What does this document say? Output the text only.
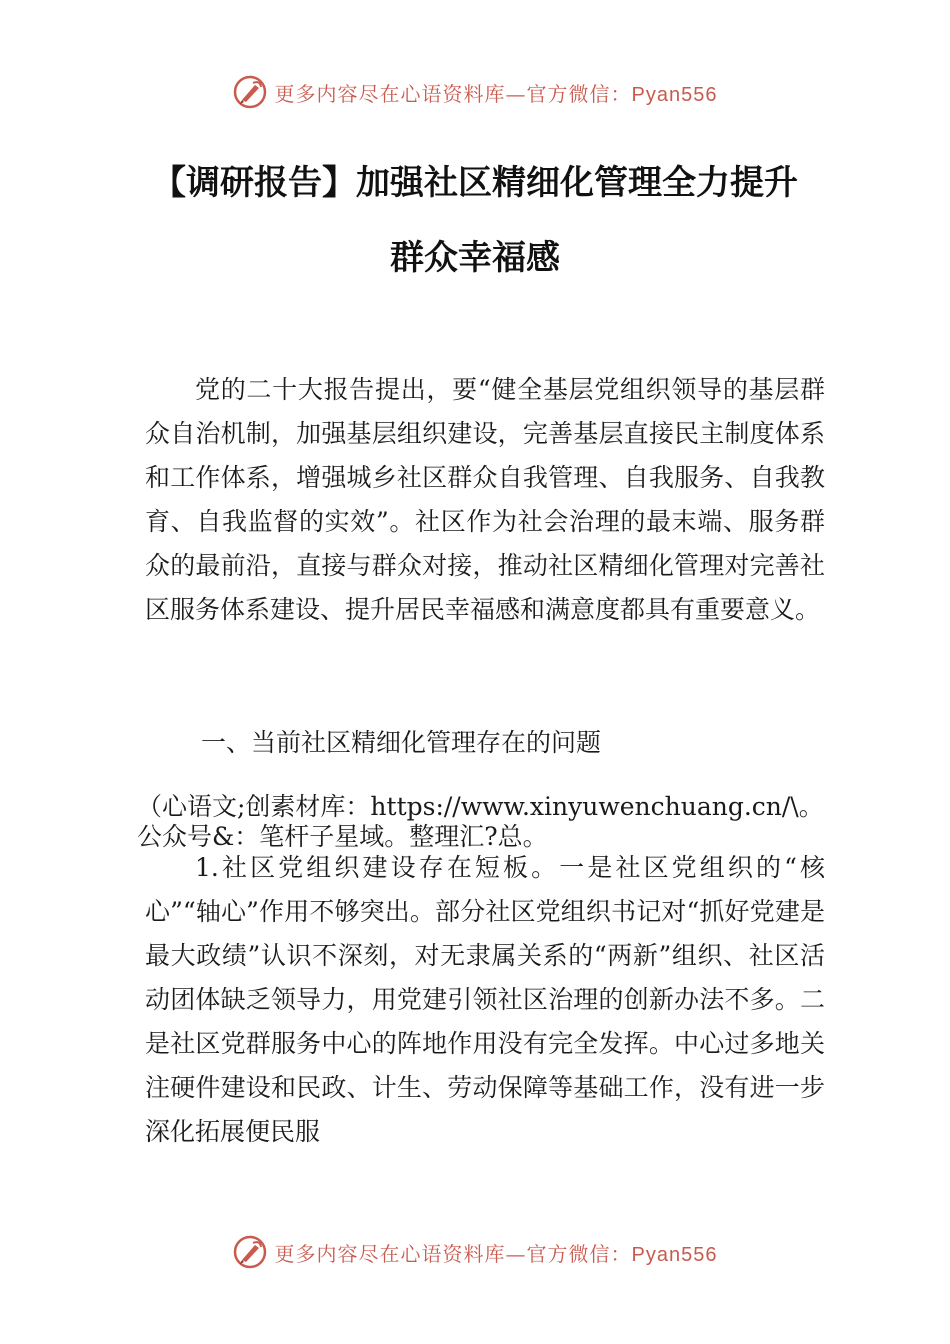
更多内容尽在心语资料库—官方微信：Pyan556
【调研报告】加强社区精细化管理全力提升
群众幸福感
党的二十大报告提出，要“健全基层党组织领导的基层群众自治机制，加强基层组织建设，完善基层直接民主制度体系和工作体系，增强城乡社区群众自我管理、自我服务、自我教育、自我监督的实效”。社区作为社会治理的最末端、服务群众的最前沿，直接与群众对接，推动社区精细化管理对完善社区服务体系建设、提升居民幸福感和满意度都具有重要意义。
一、当前社区精细化管理存在的问题
（心语文;创素材库：https://www.xinyuwenchuang.cn/\。
公众号&：笔杆子星域。整理汇?总。
1.社区党组织建设存在短板。一是社区党组织的“核心”“轴心”作用不够突出。部分社区党组织书记对“抓好党建是最大政绩”认识不深刻，对无隶属关系的“两新”组织、社区活动团体缺乏领导力，用党建引领社区治理的创新办法不多。二是社区党群服务中心的阵地作用没有完全发挥。中心过多地关注硬件建设和民政、计生、劳动保障等基础工作，没有进一步深化拓展便民服
更多内容尽在心语资料库—官方微信：Pyan556
